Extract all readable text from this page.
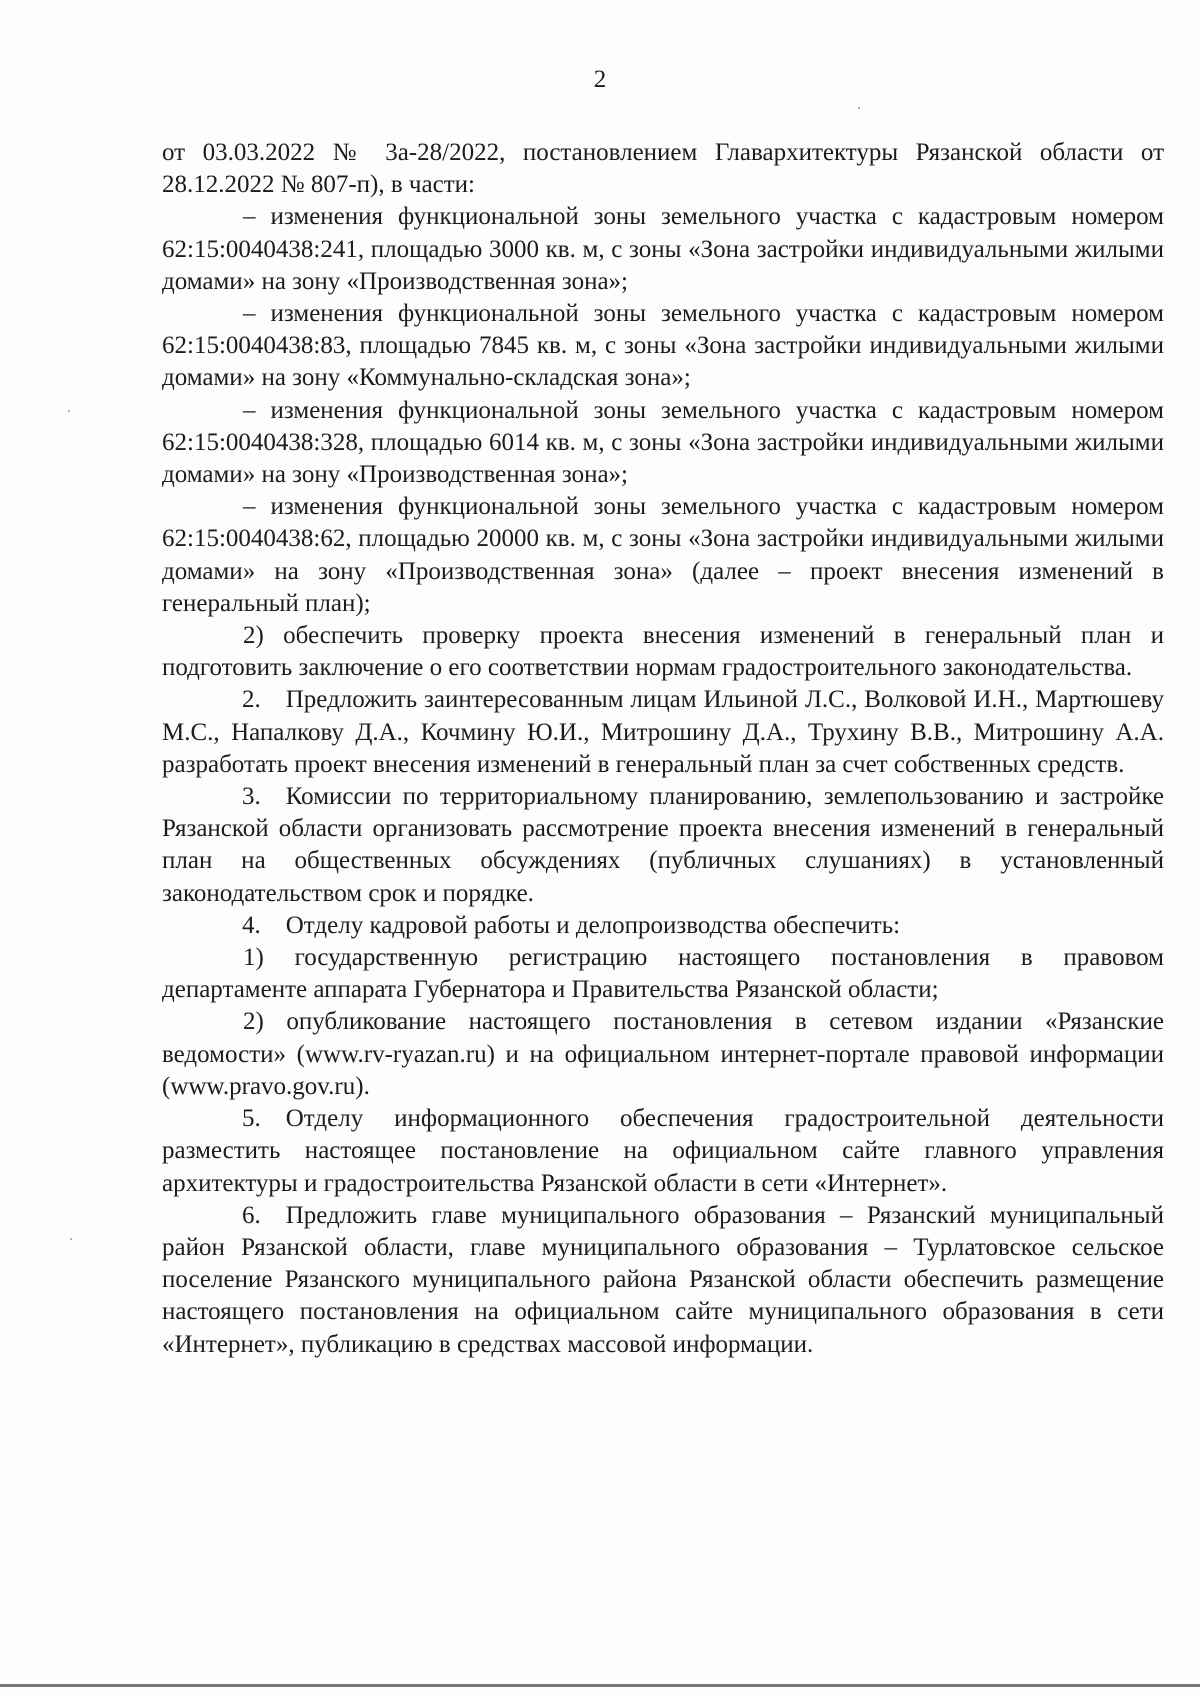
2

от 03.03.2022 № 3а-28/2022, постановлением Главархитектуры Рязанской области от 28.12.2022 № 807-п), в части:

– изменения функциональной зоны земельного участка с кадастровым номером 62:15:0040438:241, площадью 3000 кв. м, с зоны «Зона застройки индивидуальными жилыми домами» на зону «Производственная зона»;

– изменения функциональной зоны земельного участка с кадастровым номером 62:15:0040438:83, площадью 7845 кв. м, с зоны «Зона застройки индивидуальными жилыми домами» на зону «Коммунально-складская зона»;

– изменения функциональной зоны земельного участка с кадастровым номером 62:15:0040438:328, площадью 6014 кв. м, с зоны «Зона застройки индивидуальными жилыми домами» на зону «Производственная зона»;

– изменения функциональной зоны земельного участка с кадастровым номером 62:15:0040438:62, площадью 20000 кв. м, с зоны «Зона застройки индивидуальными жилыми домами» на зону «Производственная зона» (далее – проект внесения изменений в генеральный план);

2) обеспечить проверку проекта внесения изменений в генеральный план и подготовить заключение о его соответствии нормам градостроительного законодательства.

2. Предложить заинтересованным лицам Ильиной Л.С., Волковой И.Н., Мартюшеву М.С., Напалкову Д.А., Кочмину Ю.И., Митрошину Д.А., Трухину В.В., Митрошину А.А. разработать проект внесения изменений в генеральный план за счет собственных средств.

3. Комиссии по территориальному планированию, землепользованию и застройке Рязанской области организовать рассмотрение проекта внесения изменений в генеральный план на общественных обсуждениях (публичных слушаниях) в установленный законодательством срок и порядке.

4. Отделу кадровой работы и делопроизводства обеспечить:

1) государственную регистрацию настоящего постановления в правовом департаменте аппарата Губернатора и Правительства Рязанской области;

2) опубликование настоящего постановления в сетевом издании «Рязанские ведомости» (www.rv-ryazan.ru) и на официальном интернет-портале правовой информации (www.pravo.gov.ru).

5. Отделу информационного обеспечения градостроительной деятельности разместить настоящее постановление на официальном сайте главного управления архитектуры и градостроительства Рязанской области в сети «Интернет».

6. Предложить главе муниципального образования – Рязанский муниципальный район Рязанской области, главе муниципального образования – Турлатовское сельское поселение Рязанского муниципального района Рязанской области обеспечить размещение настоящего постановления на официальном сайте муниципального образования в сети «Интернет», публикацию в средствах массовой информации.
